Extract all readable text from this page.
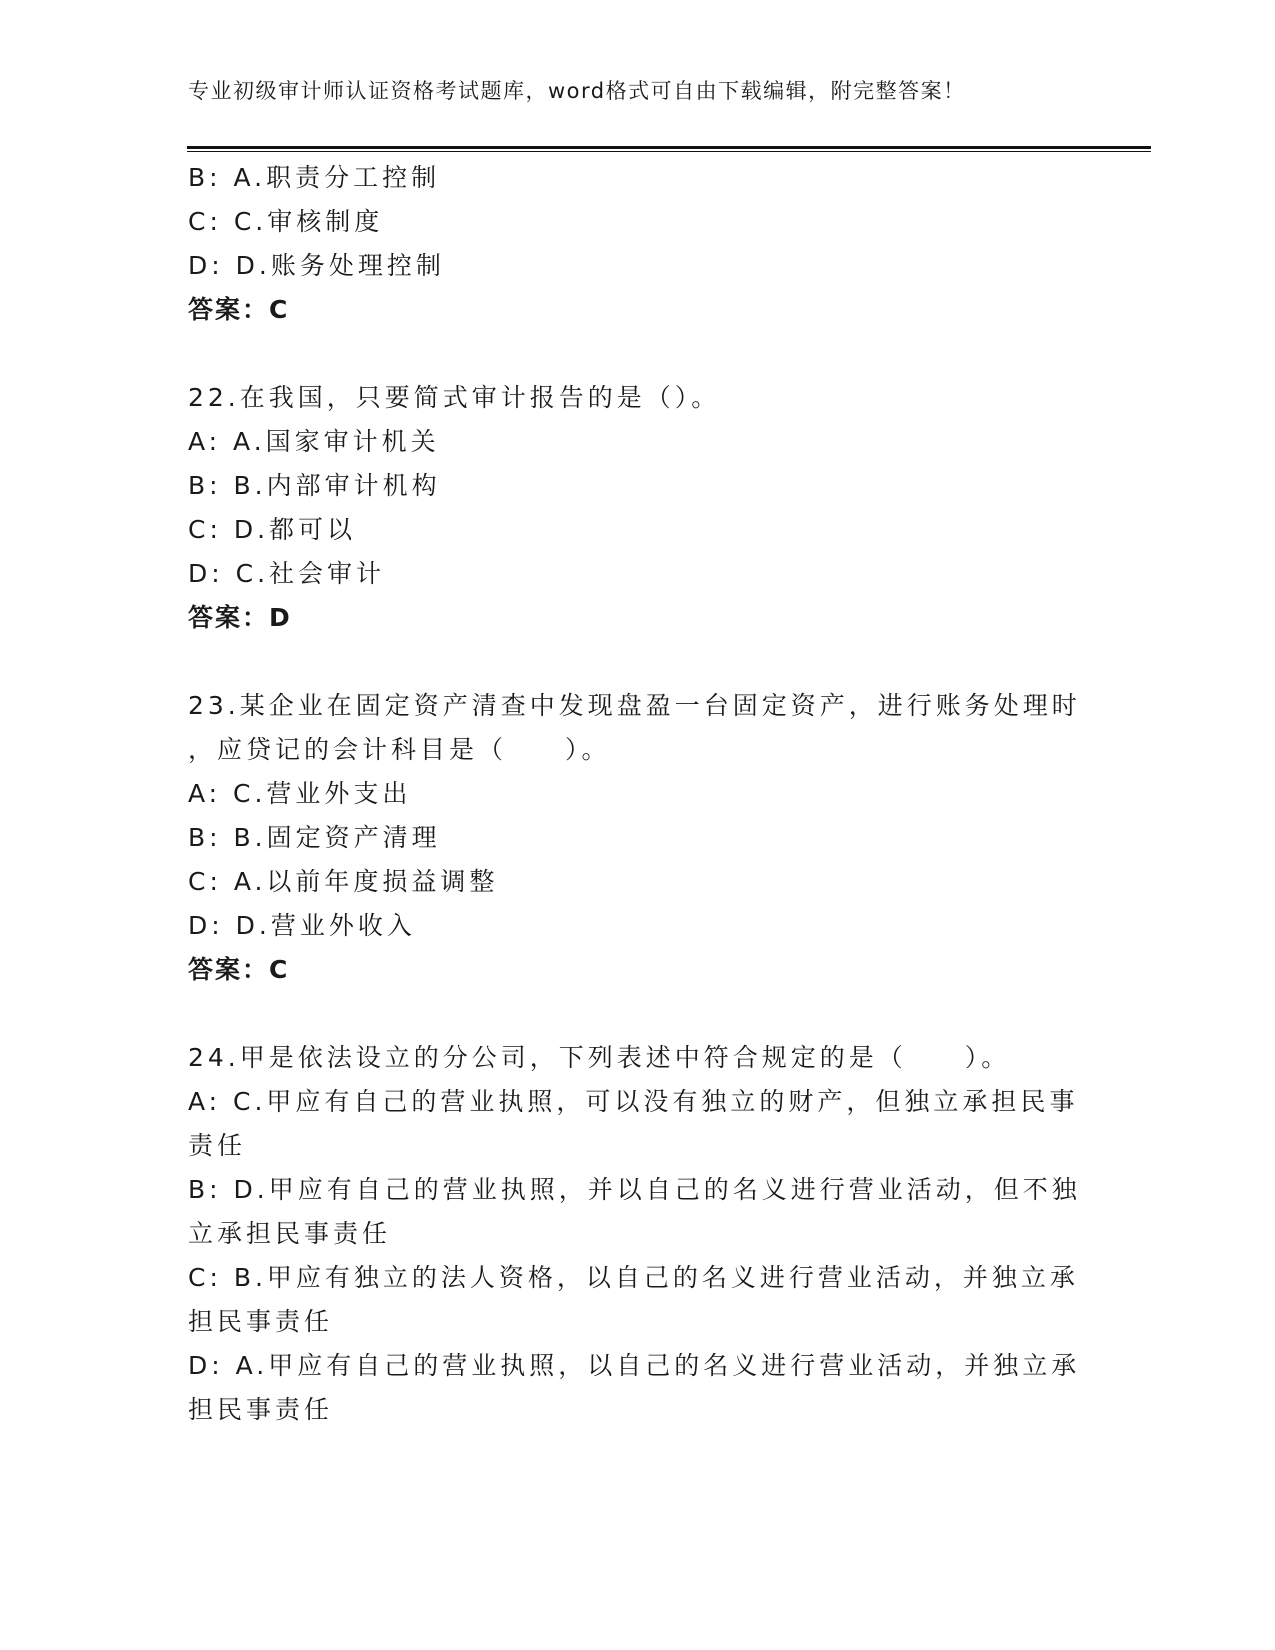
专业初级审计师认证资格考试题库，word格式可自由下载编辑，附完整答案！
B: A.职责分工控制
C: C.审核制度
D: D.账务处理控制
答案：C
22.在我国，只要简式审计报告的是（）。
A: A.国家审计机关
B: B.内部审计机构
C: D.都可以
D: C.社会审计
答案：D
23.某企业在固定资产清查中发现盘盈一台固定资产，进行账务处理时
，应贷记的会计科目是（　　）。
A: C.营业外支出
B: B.固定资产清理
C: A.以前年度损益调整
D: D.营业外收入
答案：C
24.甲是依法设立的分公司，下列表述中符合规定的是（　　）。
A: C.甲应有自己的营业执照，可以没有独立的财产，但独立承担民事
责任
B: D.甲应有自己的营业执照，并以自己的名义进行营业活动，但不独
立承担民事责任
C: B.甲应有独立的法人资格，以自己的名义进行营业活动，并独立承
担民事责任
D: A.甲应有自己的营业执照，以自己的名义进行营业活动，并独立承
担民事责任
